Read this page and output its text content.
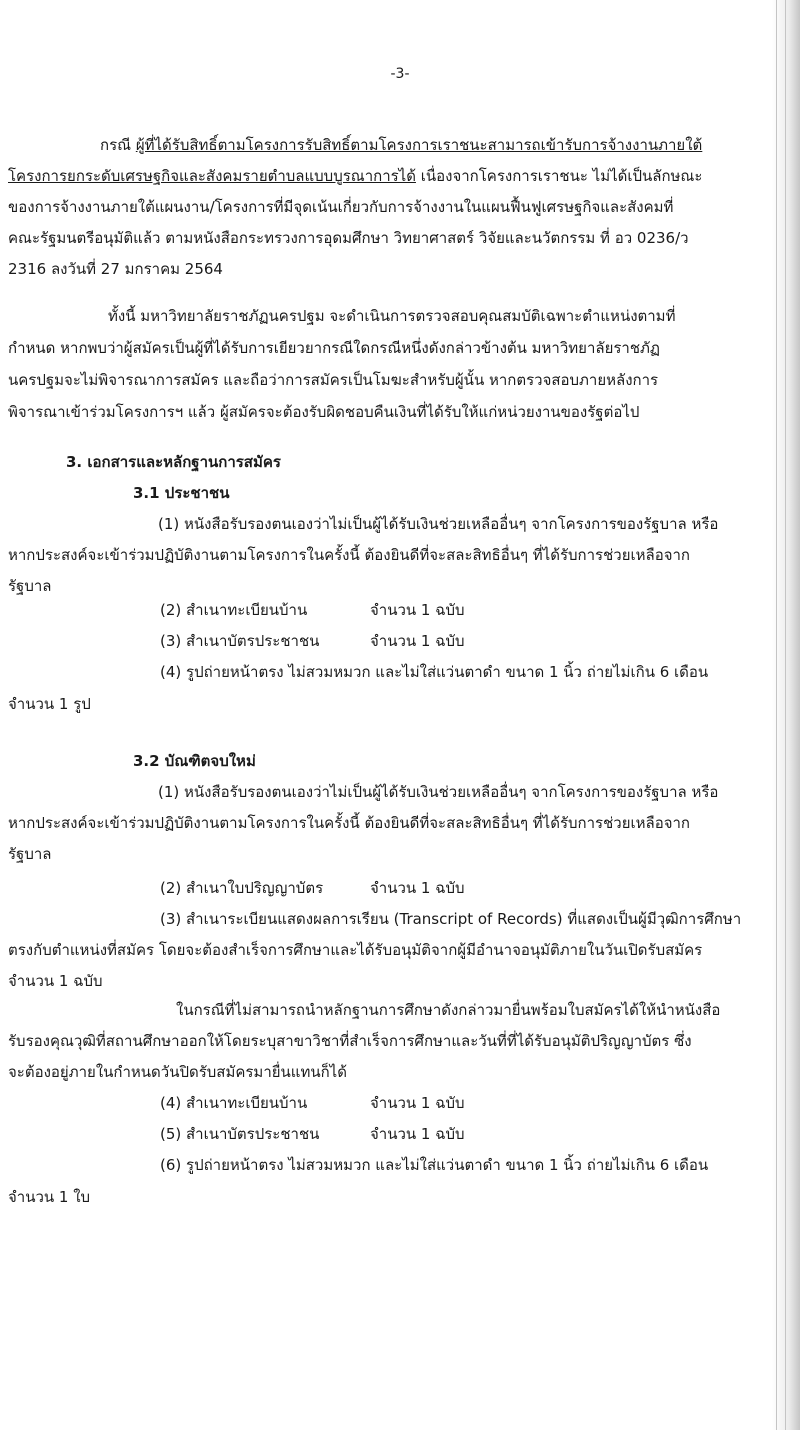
-3-
กรณี ผู้ที่ได้รับสิทธิ์ตามโครงการรับสิทธิ์ตามโครงการเราชนะสามารถเข้ารับการจ้างงานภายใต้
โครงการยกระดับเศรษฐกิจและสังคมรายตำบลแบบบูรณาการได้ เนื่องจากโครงการเราชนะ ไม่ได้เป็นลักษณะ
ของการจ้างงานภายใต้แผนงาน/โครงการที่มีจุดเน้นเกี่ยวกับการจ้างงานในแผนฟื้นฟูเศรษฐกิจและสังคมที่
คณะรัฐมนตรีอนุมัติแล้ว ตามหนังสือกระทรวงการอุดมศึกษา วิทยาศาสตร์ วิจัยและนวัตกรรม ที่ อว 0236/ว
2316 ลงวันที่ 27 มกราคม 2564
ทั้งนี้ มหาวิทยาลัยราชภัฏนครปฐม จะดำเนินการตรวจสอบคุณสมบัติเฉพาะตำแหน่งตามที่
กำหนด หากพบว่าผู้สมัครเป็นผู้ที่ได้รับการเยียวยากรณีใดกรณีหนึ่งดังกล่าวข้างต้น มหาวิทยาลัยราชภัฏ
นครปฐมจะไม่พิจารณาการสมัคร และถือว่าการสมัครเป็นโมฆะสำหรับผู้นั้น หากตรวจสอบภายหลังการ
พิจารณาเข้าร่วมโครงการฯ แล้ว ผู้สมัครจะต้องรับผิดชอบคืนเงินที่ได้รับให้แก่หน่วยงานของรัฐต่อไป
3. เอกสารและหลักฐานการสมัคร
3.1 ประชาชน
(1) หนังสือรับรองตนเองว่าไม่เป็นผู้ได้รับเงินช่วยเหลืออื่นๆ จากโครงการของรัฐบาล หรือ
หากประสงค์จะเข้าร่วมปฏิบัติงานตามโครงการในครั้งนี้ ต้องยินดีที่จะสละสิทธิอื่นๆ ที่ได้รับการช่วยเหลือจาก
รัฐบาล
(2) สำเนาทะเบียนบ้าน	จำนวน 1 ฉบับ
(3) สำเนาบัตรประชาชน	จำนวน 1 ฉบับ
(4) รูปถ่ายหน้าตรง ไม่สวมหมวก และไม่ใส่แว่นตาดำ ขนาด 1 นิ้ว ถ่ายไม่เกิน 6 เดือน
จำนวน 1 รูป
3.2 บัณฑิตจบใหม่
(1) หนังสือรับรองตนเองว่าไม่เป็นผู้ได้รับเงินช่วยเหลืออื่นๆ จากโครงการของรัฐบาล หรือ
หากประสงค์จะเข้าร่วมปฏิบัติงานตามโครงการในครั้งนี้ ต้องยินดีที่จะสละสิทธิอื่นๆ ที่ได้รับการช่วยเหลือจาก
รัฐบาล
(2) สำเนาใบปริญญาบัตร	จำนวน 1 ฉบับ
(3) สำเนาระเบียนแสดงผลการเรียน (Transcript of Records) ที่แสดงเป็นผู้มีวุฒิการศึกษา
ตรงกับตำแหน่งที่สมัคร โดยจะต้องสำเร็จการศึกษาและได้รับอนุมัติจากผู้มีอำนาจอนุมัติภายในวันเปิดรับสมัคร
จำนวน 1 ฉบับ
ในกรณีที่ไม่สามารถนำหลักฐานการศึกษาดังกล่าวมายื่นพร้อมใบสมัครได้ให้นำหนังสือ
รับรองคุณวุฒิที่สถานศึกษาออกให้โดยระบุสาขาวิชาที่สำเร็จการศึกษาและวันที่ที่ได้รับอนุมัติปริญญาบัตร ซึ่ง
จะต้องอยู่ภายในกำหนดวันปิดรับสมัครมายื่นแทนก็ได้
(4) สำเนาทะเบียนบ้าน	จำนวน 1 ฉบับ
(5) สำเนาบัตรประชาชน	จำนวน 1 ฉบับ
(6) รูปถ่ายหน้าตรง ไม่สวมหมวก และไม่ใส่แว่นตาดำ ขนาด 1 นิ้ว ถ่ายไม่เกิน 6 เดือน
จำนวน 1 ใบ
